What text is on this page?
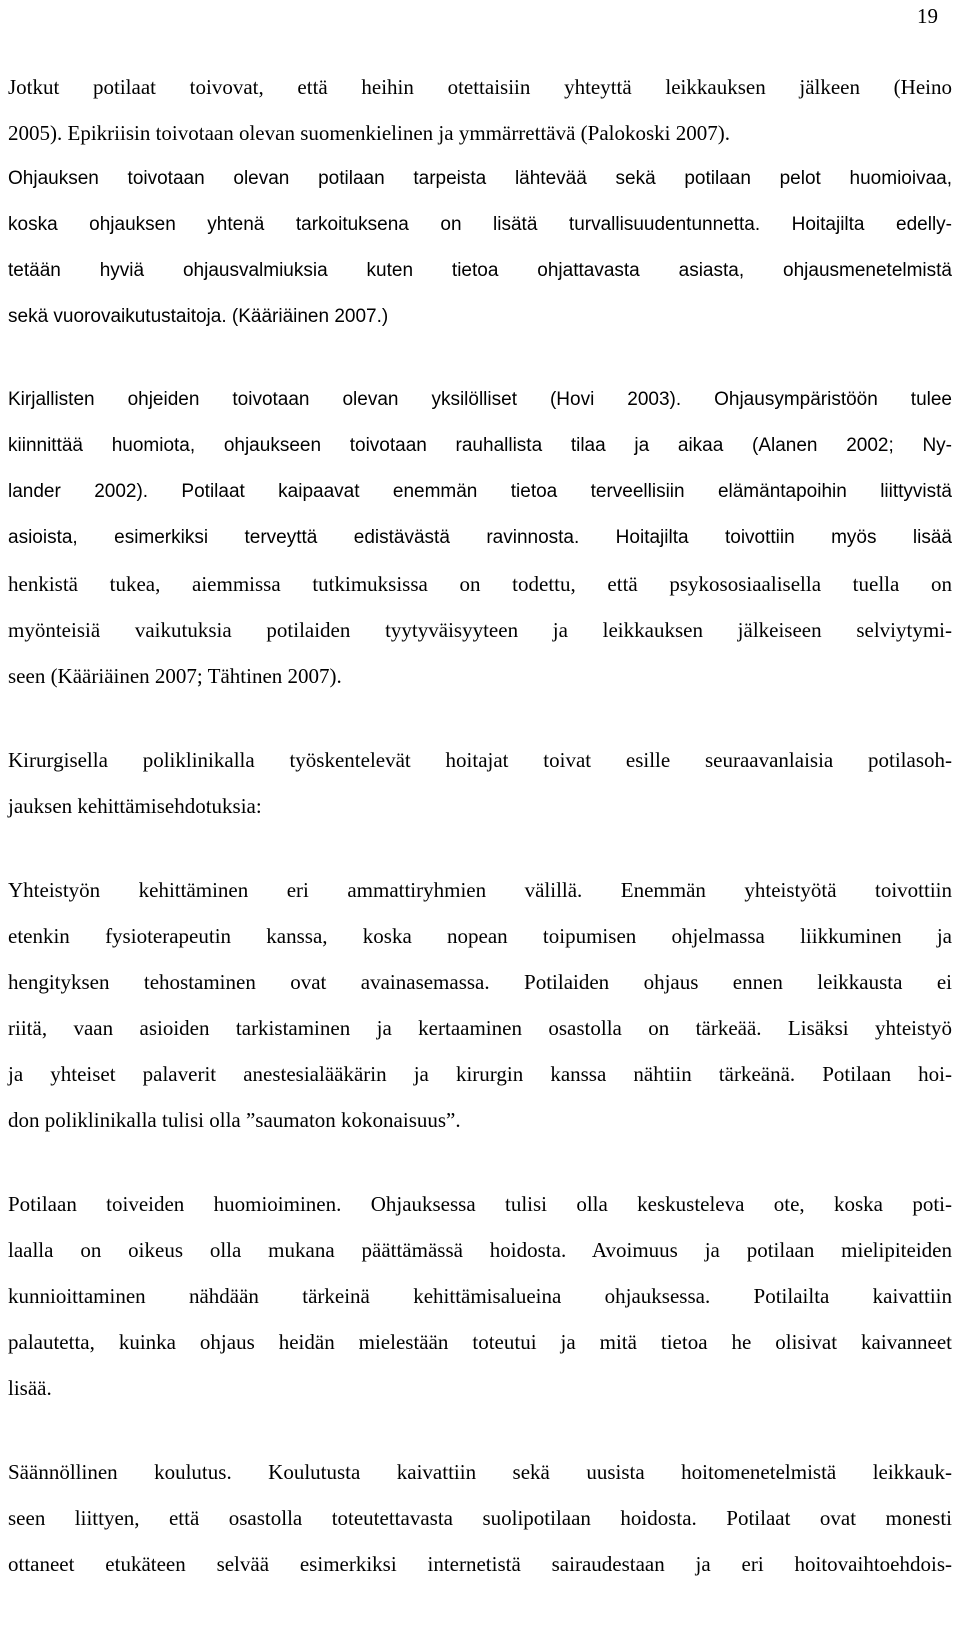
19
Jotkut potilaat toivovat, että heihin otettaisiin yhteyttä leikkauksen jälkeen (Heino
2005). Epikriisin toivotaan olevan suomenkielinen ja ymmärrettävä (Palokoski 2007).
Ohjauksen toivotaan olevan potilaan tarpeista lähtevää sekä potilaan pelot huomioivaa,
koska ohjauksen yhtenä tarkoituksena on lisätä turvallisuudentunnetta. Hoitajilta edelly-
tetään hyviä ohjausvalmiuksia kuten tietoa ohjattavasta asiasta, ohjausmenetelmistä
sekä vuorovaikutustaitoja. (Kääriäinen 2007.)
Kirjallisten ohjeiden toivotaan olevan yksilölliset (Hovi 2003). Ohjausympäristöön tulee
kiinnittää huomiota, ohjaukseen toivotaan rauhallista tilaa ja aikaa (Alanen 2002; Ny-
lander 2002). Potilaat kaipaavat enemmän tietoa terveellisiin elämäntapoihin liittyvistä
asioista, esimerkiksi terveyttä edistävästä ravinnosta. Hoitajilta toivottiin myös lisää
henkistä tukea, aiemmissa tutkimuksissa on todettu, että psykososiaalisella tuella on
myönteisiä vaikutuksia potilaiden tyytyväisyyteen ja leikkauksen jälkeiseen selviytymi-
seen (Kääriäinen 2007; Tähtinen 2007).
Kirurgisella poliklinikalla työskentelevät hoitajat toivat esille seuraavanlaisia potilasoh-
jauksen kehittämisehdotuksia:
Yhteistyön kehittäminen eri ammattiryhmien välillä. Enemmän yhteistyötä toivottiin
etenkin fysioterapeutin kanssa, koska nopean toipumisen ohjelmassa liikkuminen ja
hengityksen tehostaminen ovat avainasemassa. Potilaiden ohjaus ennen leikkausta ei
riitä, vaan asioiden tarkistaminen ja kertaaminen osastolla on tärkeää. Lisäksi yhteistyö
ja yhteiset palaverit anestesialääkärin ja kirurgin kanssa nähtiin tärkeänä. Potilaan hoi-
don poliklinikalla tulisi olla ”saumaton kokonaisuus”.
Potilaan toiveiden huomioiminen. Ohjauksessa tulisi olla keskusteleva ote, koska poti-
laalla on oikeus olla mukana päättämässä hoidosta. Avoimuus ja potilaan mielipiteiden
kunnioittaminen nähdään tärkeinä kehittämisalueina ohjauksessa. Potilailta kaivattiin
palautetta, kuinka ohjaus heidän mielestään toteutui ja mitä tietoa he olisivat kaivanneet
lisää.
Säännöllinen koulutus. Koulutusta kaivattiin sekä uusista hoitomenetelmistä leikkauk-
seen liittyen, että osastolla toteutettavasta suolipotilaan hoidosta. Potilaat ovat monesti
ottaneet etukäteen selvää esimerkiksi internetistä sairaudestaan ja eri hoitovaihtoehdois-
